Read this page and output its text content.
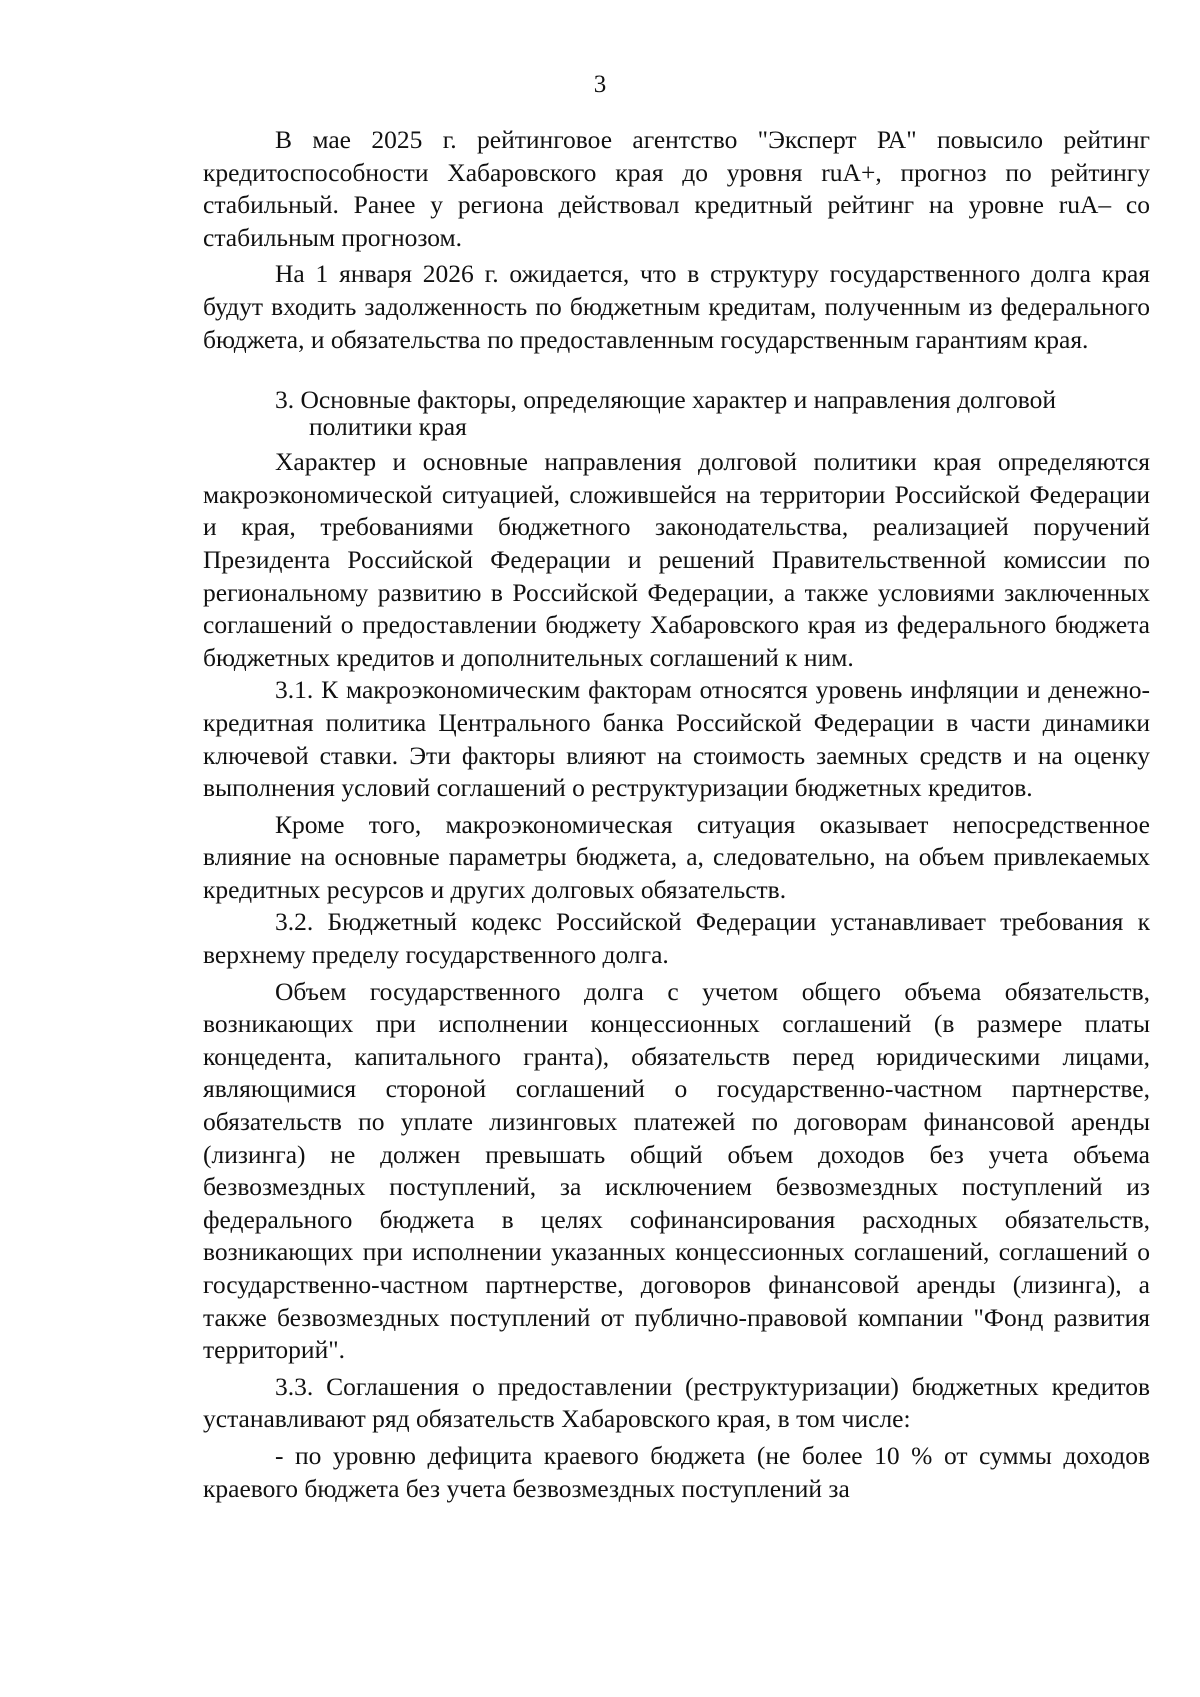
3

В мае 2025 г. рейтинговое агентство "Эксперт РА" повысило рейтинг кредитоспособности Хабаровского края до уровня ruA+, прогноз по рейтингу стабильный. Ранее у региона действовал кредитный рейтинг на уровне ruA– со стабильным прогнозом.

На 1 января 2026 г. ожидается, что в структуру государственного долга края будут входить задолженность по бюджетным кредитам, полученным из федерального бюджета, и обязательства по предоставленным государственным гарантиям края.

3. Основные факторы, определяющие характер и направления долговой
политики края

Характер и основные направления долговой политики края определяются макроэкономической ситуацией, сложившейся на территории Российской Федерации и края, требованиями бюджетного законодательства, реализацией поручений Президента Российской Федерации и решений Правительственной комиссии по региональному развитию в Российской Федерации, а также условиями заключенных соглашений о предоставлении бюджету Хабаровского края из федерального бюджета бюджетных кредитов и дополнительных соглашений к ним.

3.1. К макроэкономическим факторам относятся уровень инфляции и денежно-кредитная политика Центрального банка Российской Федерации в части динамики ключевой ставки. Эти факторы влияют на стоимость заемных средств и на оценку выполнения условий соглашений о реструктуризации бюджетных кредитов.

Кроме того, макроэкономическая ситуация оказывает непосредственное влияние на основные параметры бюджета, а, следовательно, на объем привлекаемых кредитных ресурсов и других долговых обязательств.

3.2. Бюджетный кодекс Российской Федерации устанавливает требования к верхнему пределу государственного долга.

Объем государственного долга с учетом общего объема обязательств, возникающих при исполнении концессионных соглашений (в размере платы концедента, капитального гранта), обязательств перед юридическими лицами, являющимися стороной соглашений о государственно-частном партнерстве, обязательств по уплате лизинговых платежей по договорам финансовой аренды (лизинга) не должен превышать общий объем доходов без учета объема безвозмездных поступлений, за исключением безвозмездных поступлений из федерального бюджета в целях софинансирования расходных обязательств, возникающих при исполнении указанных концессионных соглашений, соглашений о государственно-частном партнерстве, договоров финансовой аренды (лизинга), а также безвозмездных поступлений от публично-правовой компании "Фонд развития территорий".

3.3. Соглашения о предоставлении (реструктуризации) бюджетных кредитов устанавливают ряд обязательств Хабаровского края, в том числе:

- по уровню дефицита краевого бюджета (не более 10 % от суммы доходов краевого бюджета без учета безвозмездных поступлений за
